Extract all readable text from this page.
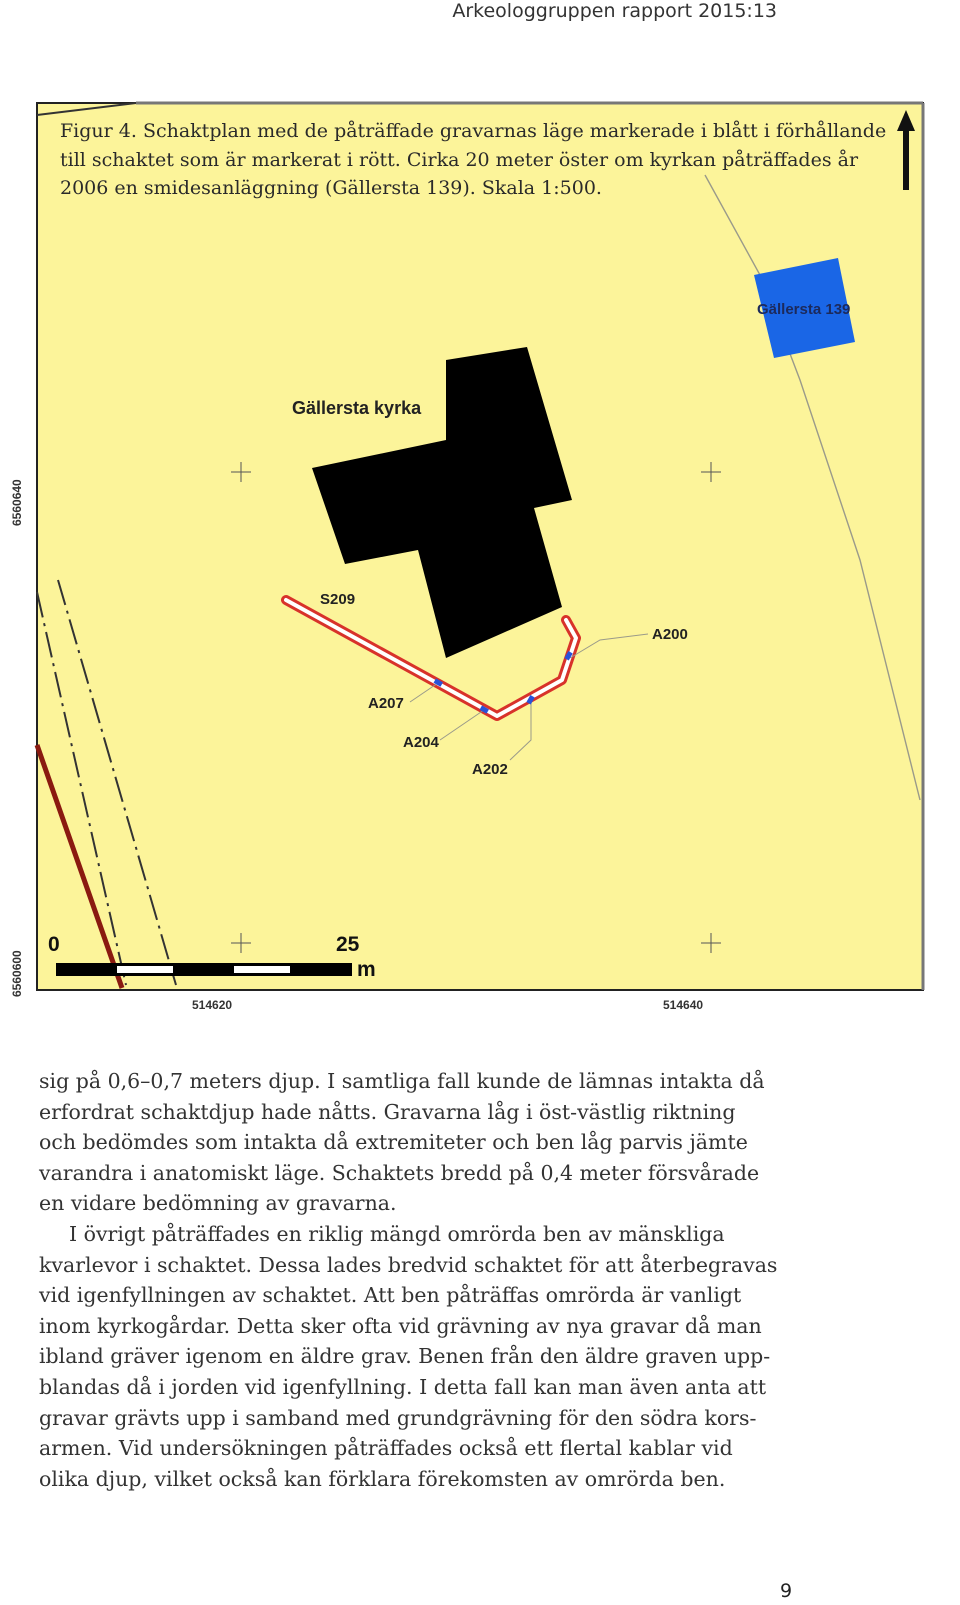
Arkeologgruppen rapport 2015:13
Gällersta kyrka
Gällersta 139
S209
A200
A207
A204
A202
0	25
m
6560640
6560600
514620	514640
Figur 4. Schaktplan med de påträffade gravarnas läge markerade i blått i förhållande till schaktet som är markerat i rött. Cirka 20 meter öster om kyrkan påträffades år 2006 en smidesanläggning (Gällersta 139). Skala 1:500.

sig på 0,6–0,7 meters djup. I samtliga fall kunde de lämnas intakta då
erfordrat schaktdjup hade nåtts. Gravarna låg i öst-västlig riktning
och bedömdes som intakta då extremiteter och ben låg parvis jämte
varandra i anatomiskt läge. Schaktets bredd på 0,4 meter försvårade
en vidare bedömning av gravarna.

I övrigt påträffades en riklig mängd omrörda ben av mänskliga
kvarlevor i schaktet. Dessa lades bredvid schaktet för att återbegravas
vid igenfyllningen av schaktet. Att ben påträffas omrörda är vanligt
inom kyrkogårdar. Detta sker ofta vid grävning av nya gravar då man
ibland gräver igenom en äldre grav. Benen från den äldre graven upp-
blandas då i jorden vid igenfyllning. I detta fall kan man även anta att
gravar grävts upp i samband med grundgrävning för den södra kors-
armen. Vid undersökningen påträffades också ett flertal kablar vid
olika djup, vilket också kan förklara förekomsten av omrörda ben.

9
